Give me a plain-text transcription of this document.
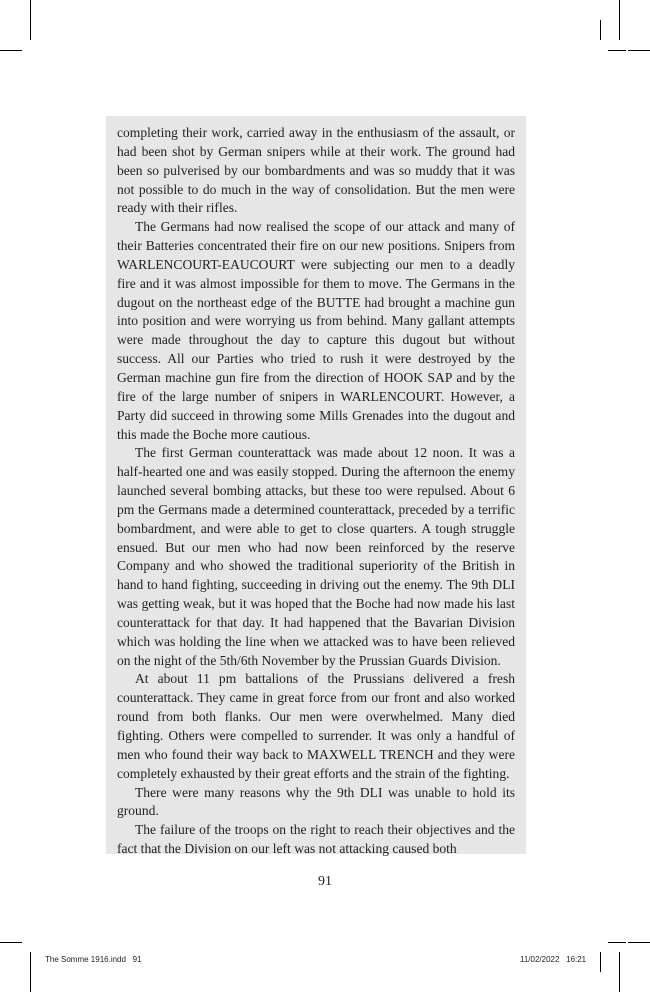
completing their work, carried away in the enthusiasm of the assault, or had been shot by German snipers while at their work. The ground had been so pulverised by our bombardments and was so muddy that it was not possible to do much in the way of consolidation. But the men were ready with their rifles.

The Germans had now realised the scope of our attack and many of their Batteries concentrated their fire on our new positions. Snipers from WARLENCOURT-EAUCOURT were subjecting our men to a deadly fire and it was almost impossible for them to move. The Germans in the dugout on the northeast edge of the BUTTE had brought a machine gun into position and were worrying us from behind. Many gallant attempts were made throughout the day to capture this dugout but without success. All our Parties who tried to rush it were destroyed by the German machine gun fire from the direction of HOOK SAP and by the fire of the large number of snipers in WARLENCOURT. However, a Party did succeed in throwing some Mills Grenades into the dugout and this made the Boche more cautious.

The first German counterattack was made about 12 noon. It was a half-hearted one and was easily stopped. During the afternoon the enemy launched several bombing attacks, but these too were repulsed. About 6 pm the Germans made a determined counterattack, preceded by a terrific bombardment, and were able to get to close quarters. A tough struggle ensued. But our men who had now been reinforced by the reserve Company and who showed the traditional superiority of the British in hand to hand fighting, succeeding in driving out the enemy. The 9th DLI was getting weak, but it was hoped that the Boche had now made his last counterattack for that day. It had happened that the Bavarian Division which was holding the line when we attacked was to have been relieved on the night of the 5th/6th November by the Prussian Guards Division.

At about 11 pm battalions of the Prussians delivered a fresh counterattack. They came in great force from our front and also worked round from both flanks. Our men were overwhelmed. Many died fighting. Others were compelled to surrender. It was only a handful of men who found their way back to MAXWELL TRENCH and they were completely exhausted by their great efforts and the strain of the fighting.

There were many reasons why the 9th DLI was unable to hold its ground.

The failure of the troops on the right to reach their objectives and the fact that the Division on our left was not attacking caused both

91
The Somme 1916.indd   91	11/02/2022   16:21
